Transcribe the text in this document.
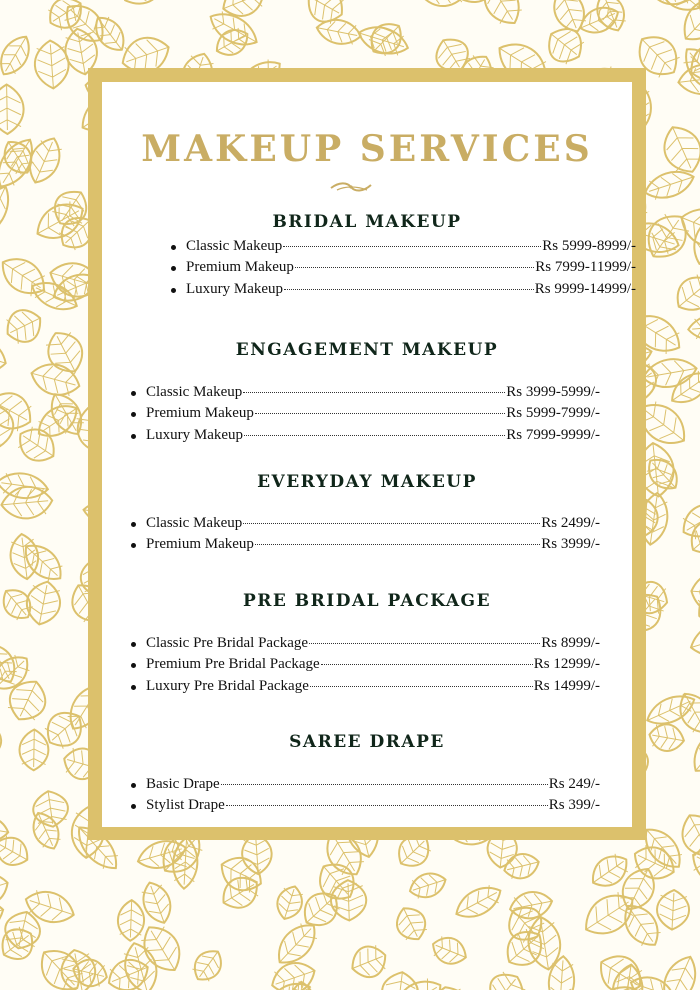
MAKEUP SERVICES
BRIDAL MAKEUP
Classic Makeup	Rs 5999-8999/-
Premium Makeup	Rs 7999-11999/-
Luxury Makeup	Rs 9999-14999/-
ENGAGEMENT MAKEUP
Classic Makeup	Rs 3999-5999/-
Premium Makeup	Rs 5999-7999/-
Luxury Makeup	Rs 7999-9999/-
EVERYDAY MAKEUP
Classic Makeup	Rs 2499/-
Premium Makeup	Rs 3999/-
PRE BRIDAL PACKAGE
Classic Pre Bridal Package	Rs 8999/-
Premium Pre Bridal Package	Rs 12999/-
Luxury Pre Bridal Package	Rs 14999/-
SAREE DRAPE
Basic Drape	Rs 249/-
Stylist Drape	Rs 399/-
